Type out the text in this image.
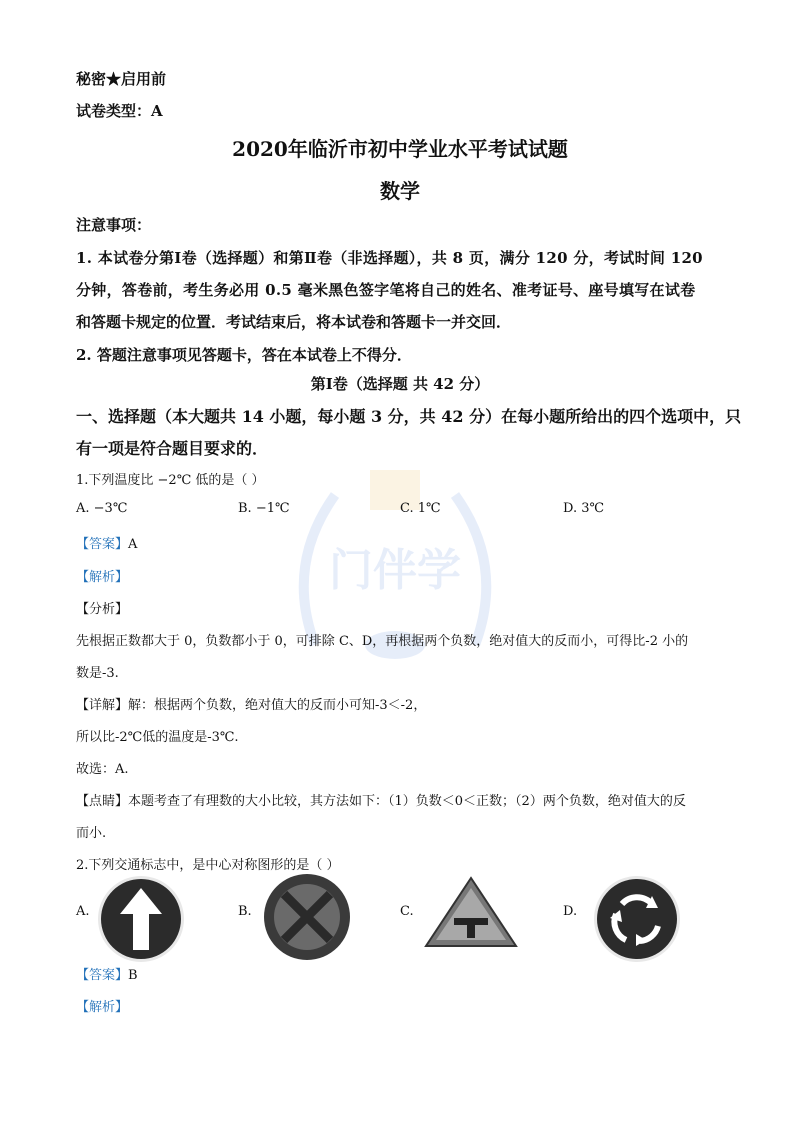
门伴学
秘密★启用前
试卷类型：A
2020年临沂市初中学业水平考试试题
数学
注意事项：
1. 本试卷分第Ⅰ卷（选择题）和第Ⅱ卷（非选择题），共 8 页，满分 120 分，考试时间 120
分钟，答卷前，考生务必用 0.5 毫米黑色签字笔将自己的姓名、准考证号、座号填写在试卷
和答题卡规定的位置．考试结束后，将本试卷和答题卡一并交回．
2. 答题注意事项见答题卡，答在本试卷上不得分．
第Ⅰ卷（选择题 共 42 分）
一、选择题（本大题共 14 小题，每小题 3 分，共 42 分）在每小题所给出的四个选项中，只
有一项是符合题目要求的．
1.下列温度比 −2℃ 低的是（ ）
A. −3℃	B. −1℃	C. 1℃	D. 3℃
【答案】A
【解析】
【分析】
先根据正数都大于 0，负数都小于 0，可排除 C、D，再根据两个负数，绝对值大的反而小，可得比-2 小的
数是-3.
【详解】解：根据两个负数，绝对值大的反而小可知-3＜-2，
所以比-2℃低的温度是-3℃.
故选：A.
【点睛】本题考查了有理数的大小比较，其方法如下：（1）负数＜0＜正数；（2）两个负数，绝对值大的反
而小.
2.下列交通标志中，是中心对称图形的是（ ）
A.	B.	C.	D.
【答案】B
【解析】
